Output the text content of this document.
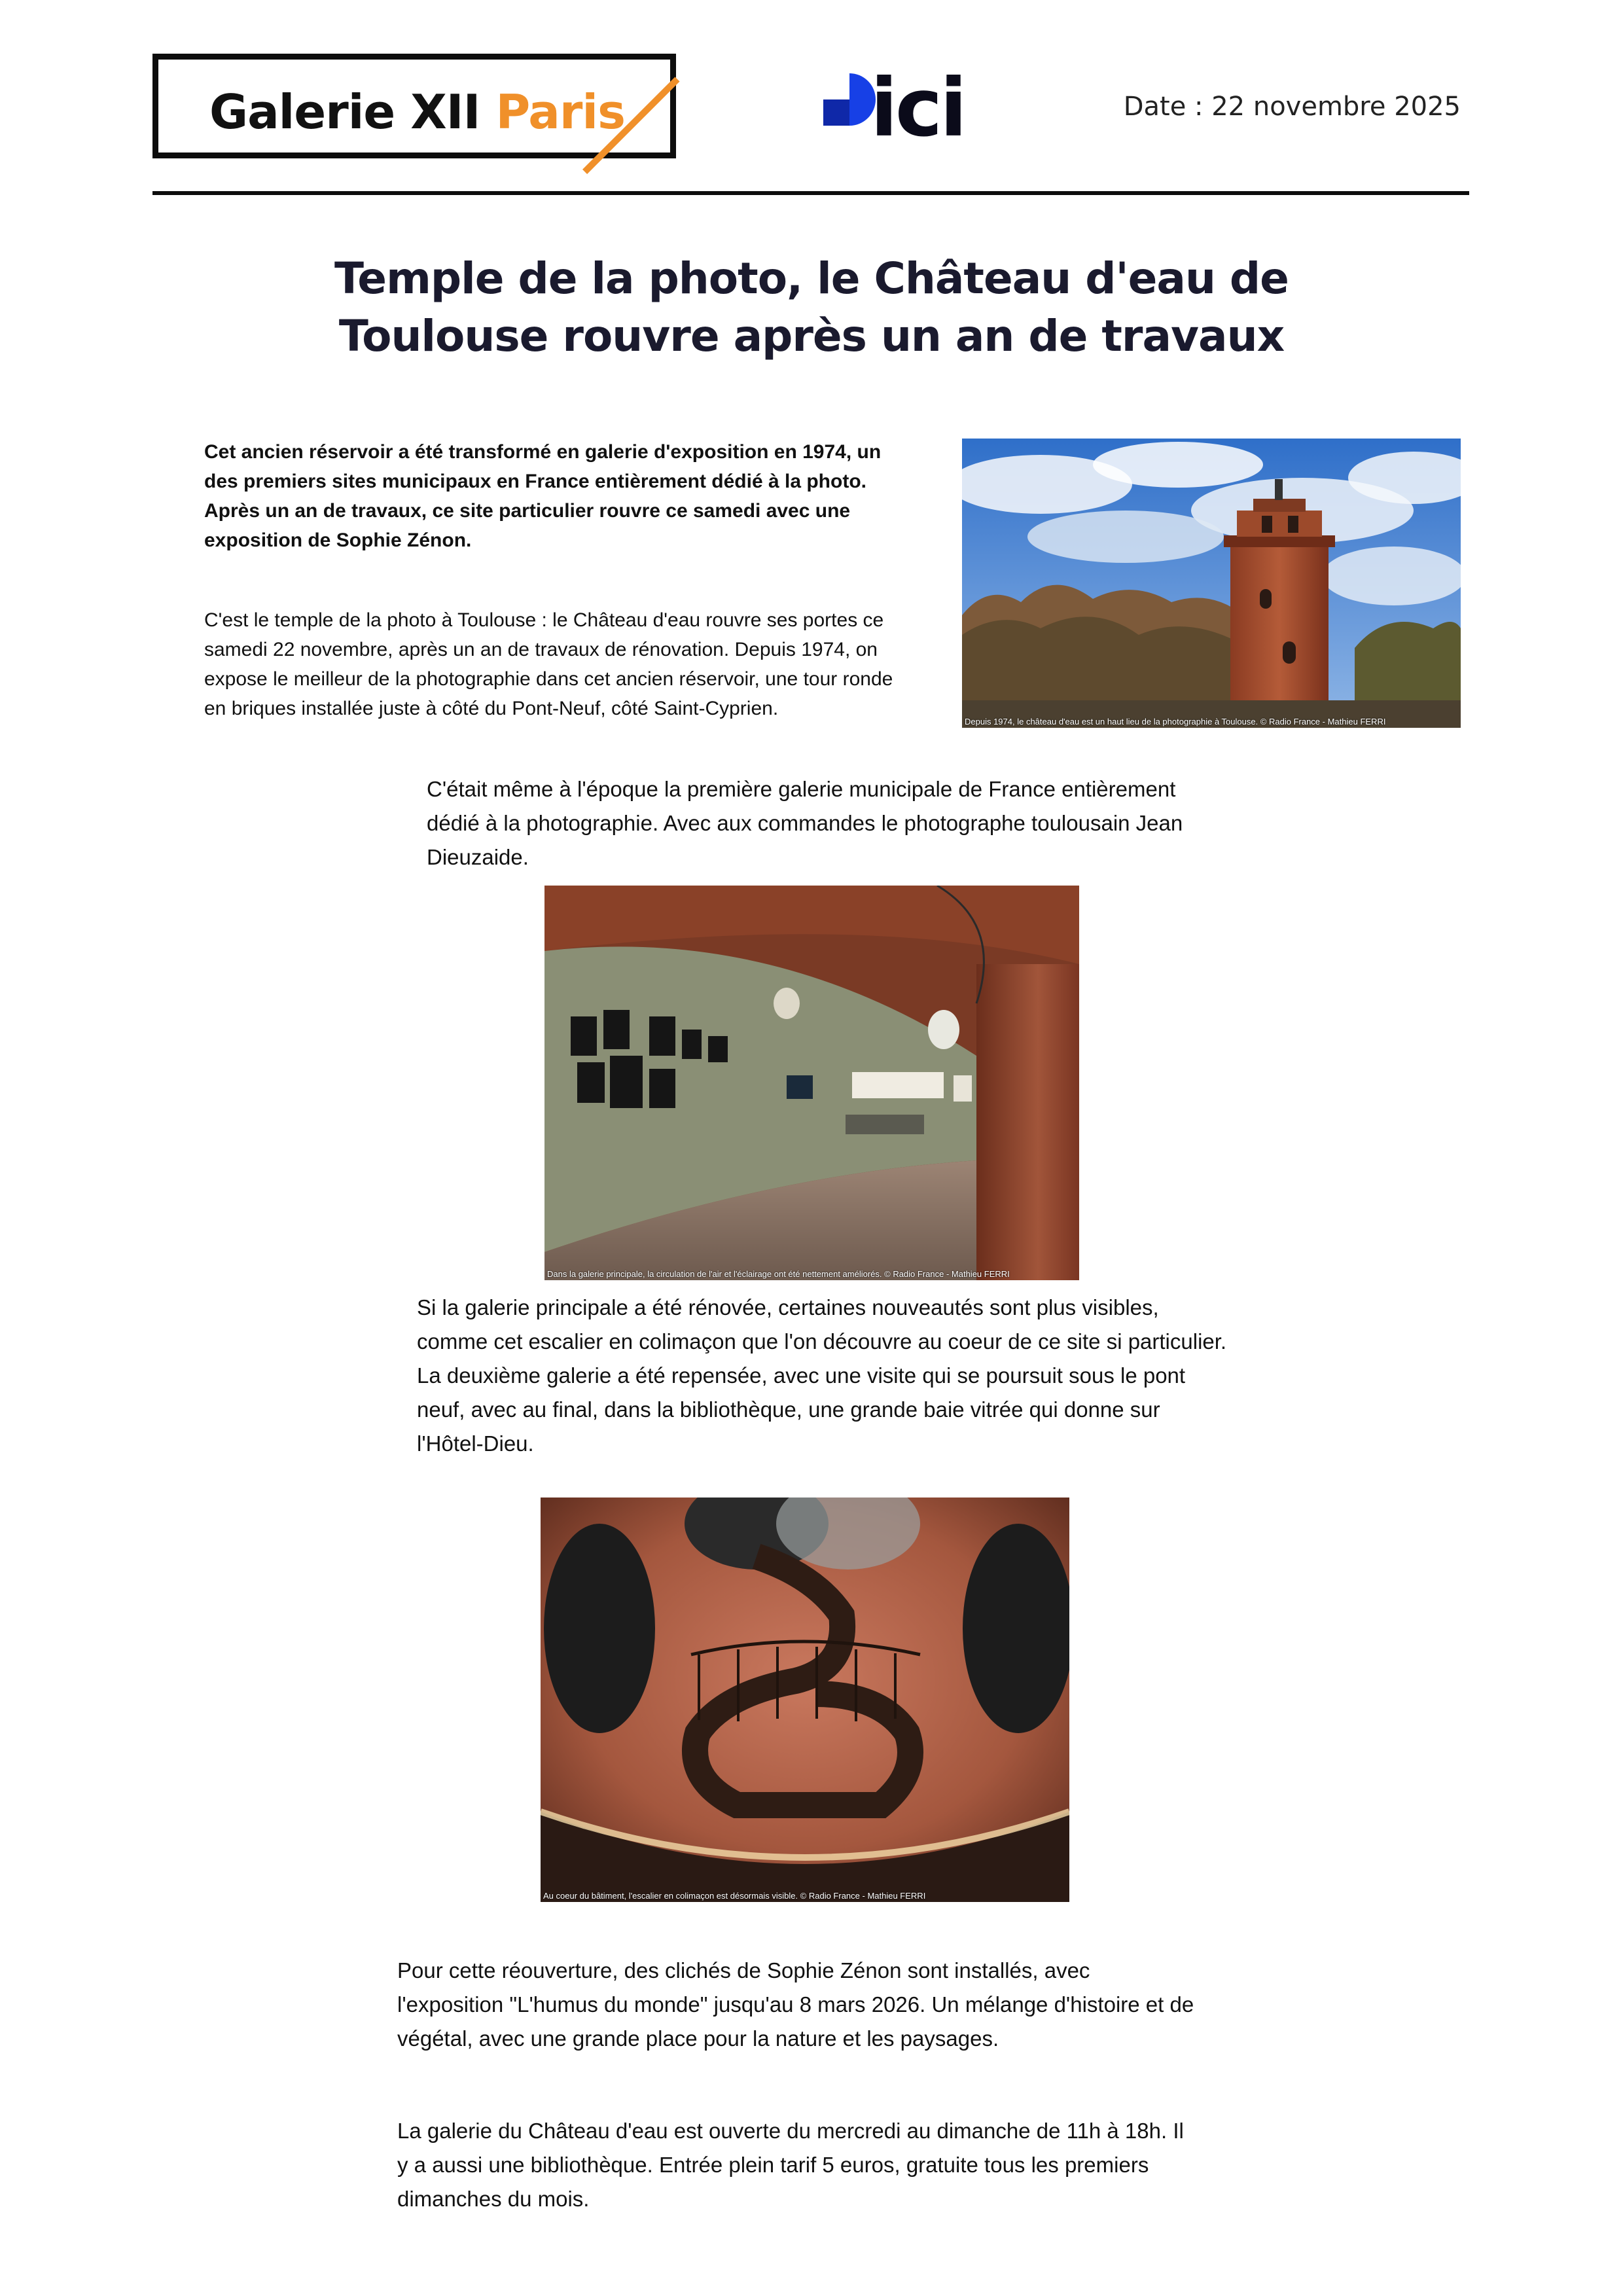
Galerie XII Paris	ici	Date : 22 novembre 2025
Temple de la photo, le Château d'eau de
Toulouse rouvre après un an de travaux
Cet ancien réservoir a été transformé en galerie d'exposition en 1974, un des premiers sites municipaux en France entièrement dédié à la photo. Après un an de travaux, ce site particulier rouvre ce samedi avec une exposition de Sophie Zénon.
C'est le temple de la photo à Toulouse : le Château d'eau rouvre ses portes ce samedi 22 novembre, après un an de travaux de rénovation. Depuis 1974, on expose le meilleur de la photographie dans cet ancien réservoir, une tour ronde en briques installée juste à côté du Pont-Neuf, côté Saint-Cyprien.
Depuis 1974, le château d'eau est un haut lieu de la photographie à Toulouse. © Radio France - Mathieu FERRI
C'était même à l'époque la première galerie municipale de France entièrement dédié à la photographie. Avec aux commandes le photographe toulousain Jean Dieuzaide.
Dans la galerie principale, la circulation de l'air et l'éclairage ont été nettement améliorés. © Radio France - Mathieu FERRI
Si la galerie principale a été rénovée, certaines nouveautés sont plus visibles, comme cet escalier en colimaçon que l'on découvre au coeur de ce site si particulier. La deuxième galerie a été repensée, avec une visite qui se poursuit sous le pont neuf, avec au final, dans la bibliothèque, une grande baie vitrée qui donne sur l'Hôtel-Dieu.
Au coeur du bâtiment, l'escalier en colimaçon est désormais visible. © Radio France - Mathieu FERRI
Pour cette réouverture, des clichés de Sophie Zénon sont installés, avec l'exposition "L'humus du monde" jusqu'au 8 mars 2026. Un mélange d'histoire et de végétal, avec une grande place pour la nature et les paysages.
La galerie du Château d'eau est ouverte du mercredi au dimanche de 11h à 18h. Il y a aussi une bibliothèque. Entrée plein tarif 5 euros, gratuite tous les premiers dimanches du mois.
